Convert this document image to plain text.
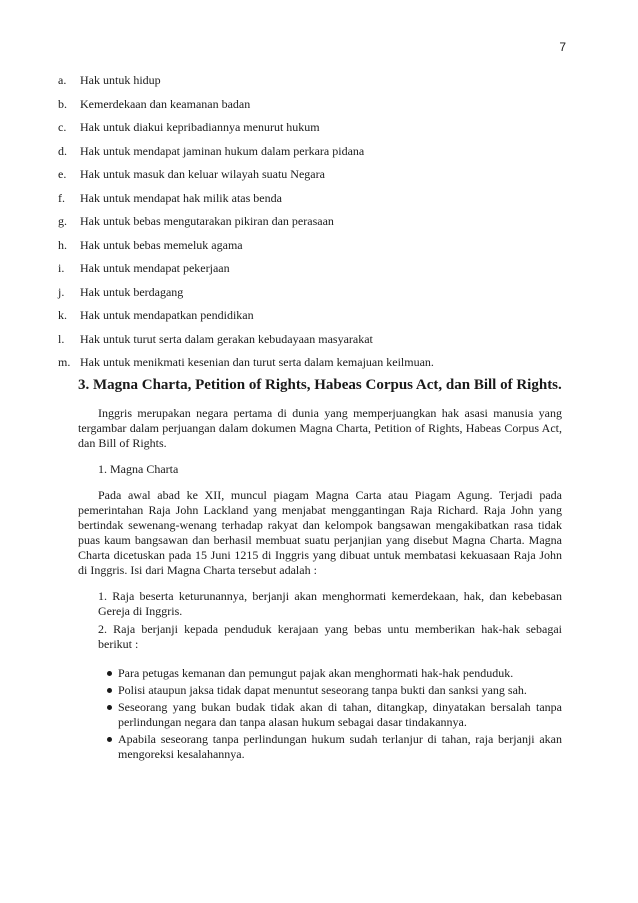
7
a. Hak untuk hidup
b. Kemerdekaan dan keamanan badan
c. Hak untuk diakui kepribadiannya menurut hukum
d. Hak untuk mendapat jaminan hukum dalam perkara pidana
e. Hak untuk masuk dan keluar wilayah suatu Negara
f. Hak untuk mendapat hak milik atas benda
g. Hak untuk bebas mengutarakan pikiran dan perasaan
h. Hak untuk bebas memeluk agama
i. Hak untuk mendapat pekerjaan
j. Hak untuk berdagang
k. Hak untuk mendapatkan pendidikan
l. Hak untuk turut serta dalam gerakan kebudayaan masyarakat
m. Hak untuk menikmati kesenian dan turut serta dalam kemajuan keilmuan.
3. Magna Charta, Petition of Rights, Habeas Corpus Act, dan Bill of Rights.

Inggris merupakan negara pertama di dunia yang memperjuangkan hak asasi manusia yang tergambar dalam perjuangan dalam dokumen Magna Charta, Petition of Rights, Habeas Corpus Act, dan Bill of Rights.

1. Magna Charta

Pada awal abad ke XII, muncul piagam Magna Carta atau Piagam Agung. Terjadi pada pemerintahan Raja John Lackland yang menjabat menggantingan Raja Richard. Raja John yang bertindak sewenang-wenang terhadap rakyat dan kelompok bangsawan mengakibatkan rasa tidak puas kaum bangsawan dan berhasil membuat suatu perjanjian yang disebut Magna Charta. Magna Charta dicetuskan pada 15 Juni 1215 di Inggris yang dibuat untuk membatasi kekuasaan Raja John di Inggris. Isi dari Magna Charta tersebut adalah :

1. Raja beserta keturunannya, berjanji akan menghormati kemerdekaan, hak, dan kebebasan Gereja di Inggris.

2. Raja berjanji kepada penduduk kerajaan yang bebas untu memberikan hak-hak sebagai berikut :

Para petugas kemanan dan pemungut pajak akan menghormati hak-hak penduduk.
Polisi ataupun jaksa tidak dapat menuntut seseorang tanpa bukti dan sanksi yang sah.
Seseorang yang bukan budak tidak akan di tahan, ditangkap, dinyatakan bersalah tanpa perlindungan negara dan tanpa alasan hukum sebagai dasar tindakannya.
Apabila seseorang tanpa perlindungan hukum sudah terlanjur di tahan, raja berjanji akan mengoreksi kesalahannya.
